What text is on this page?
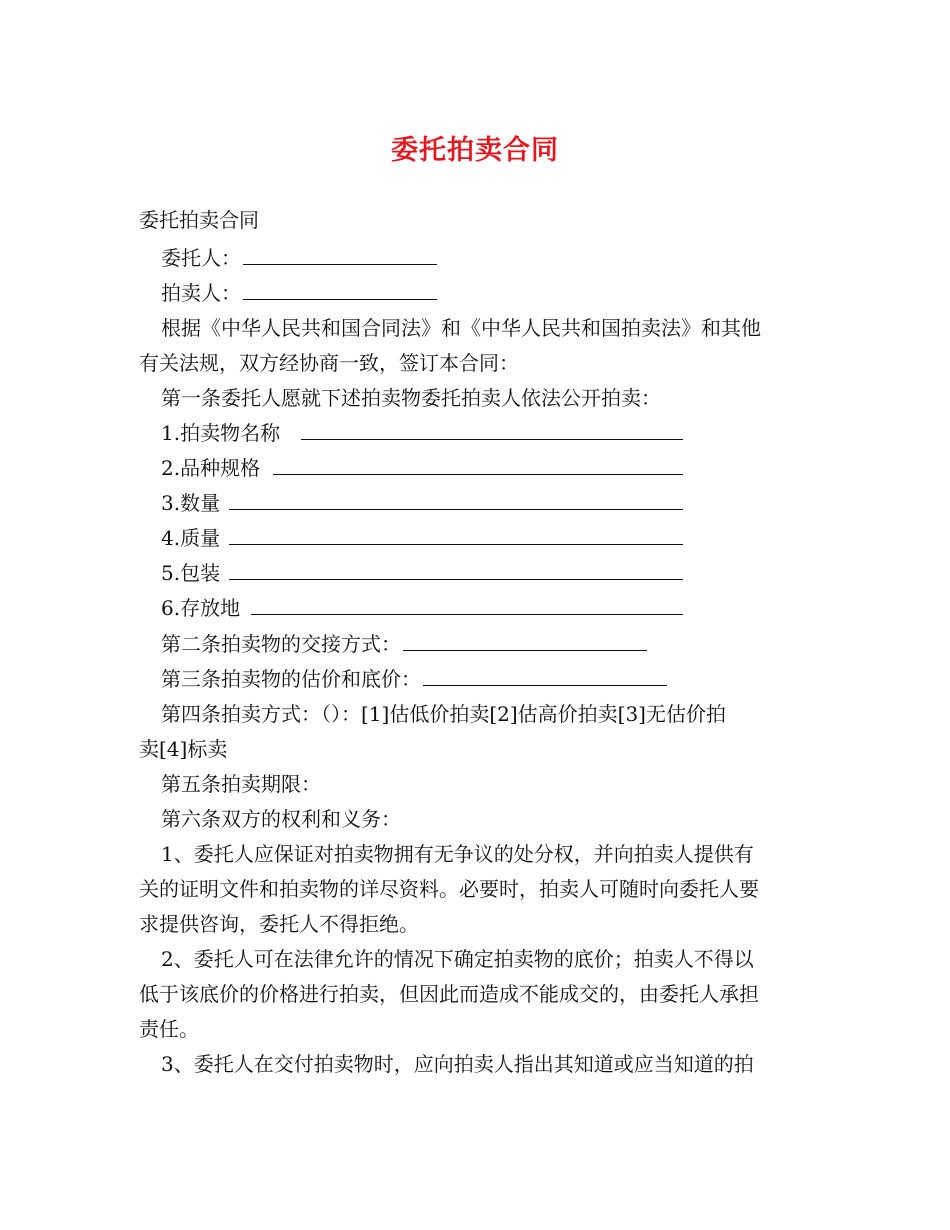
委托拍卖合同
委托拍卖合同
委托人：
拍卖人：
根据《中华人民共和国合同法》和《中华人民共和国拍卖法》和其他
有关法规，双方经协商一致，签订本合同：
第一条委托人愿就下述拍卖物委托拍卖人依法公开拍卖：
1.拍卖物名称
2.品种规格
3.数量
4.质量
5.包装
6.存放地
第二条拍卖物的交接方式：
第三条拍卖物的估价和底价：
第四条拍卖方式：（）：[1]估低价拍卖[2]估高价拍卖[3]无估价拍
卖[4]标卖
第五条拍卖期限：
第六条双方的权利和义务：
1、委托人应保证对拍卖物拥有无争议的处分权，并向拍卖人提供有
关的证明文件和拍卖物的详尽资料。必要时，拍卖人可随时向委托人要
求提供咨询，委托人不得拒绝。
2、委托人可在法律允许的情况下确定拍卖物的底价；拍卖人不得以
低于该底价的价格进行拍卖，但因此而造成不能成交的，由委托人承担
责任。
3、委托人在交付拍卖物时，应向拍卖人指出其知道或应当知道的拍
